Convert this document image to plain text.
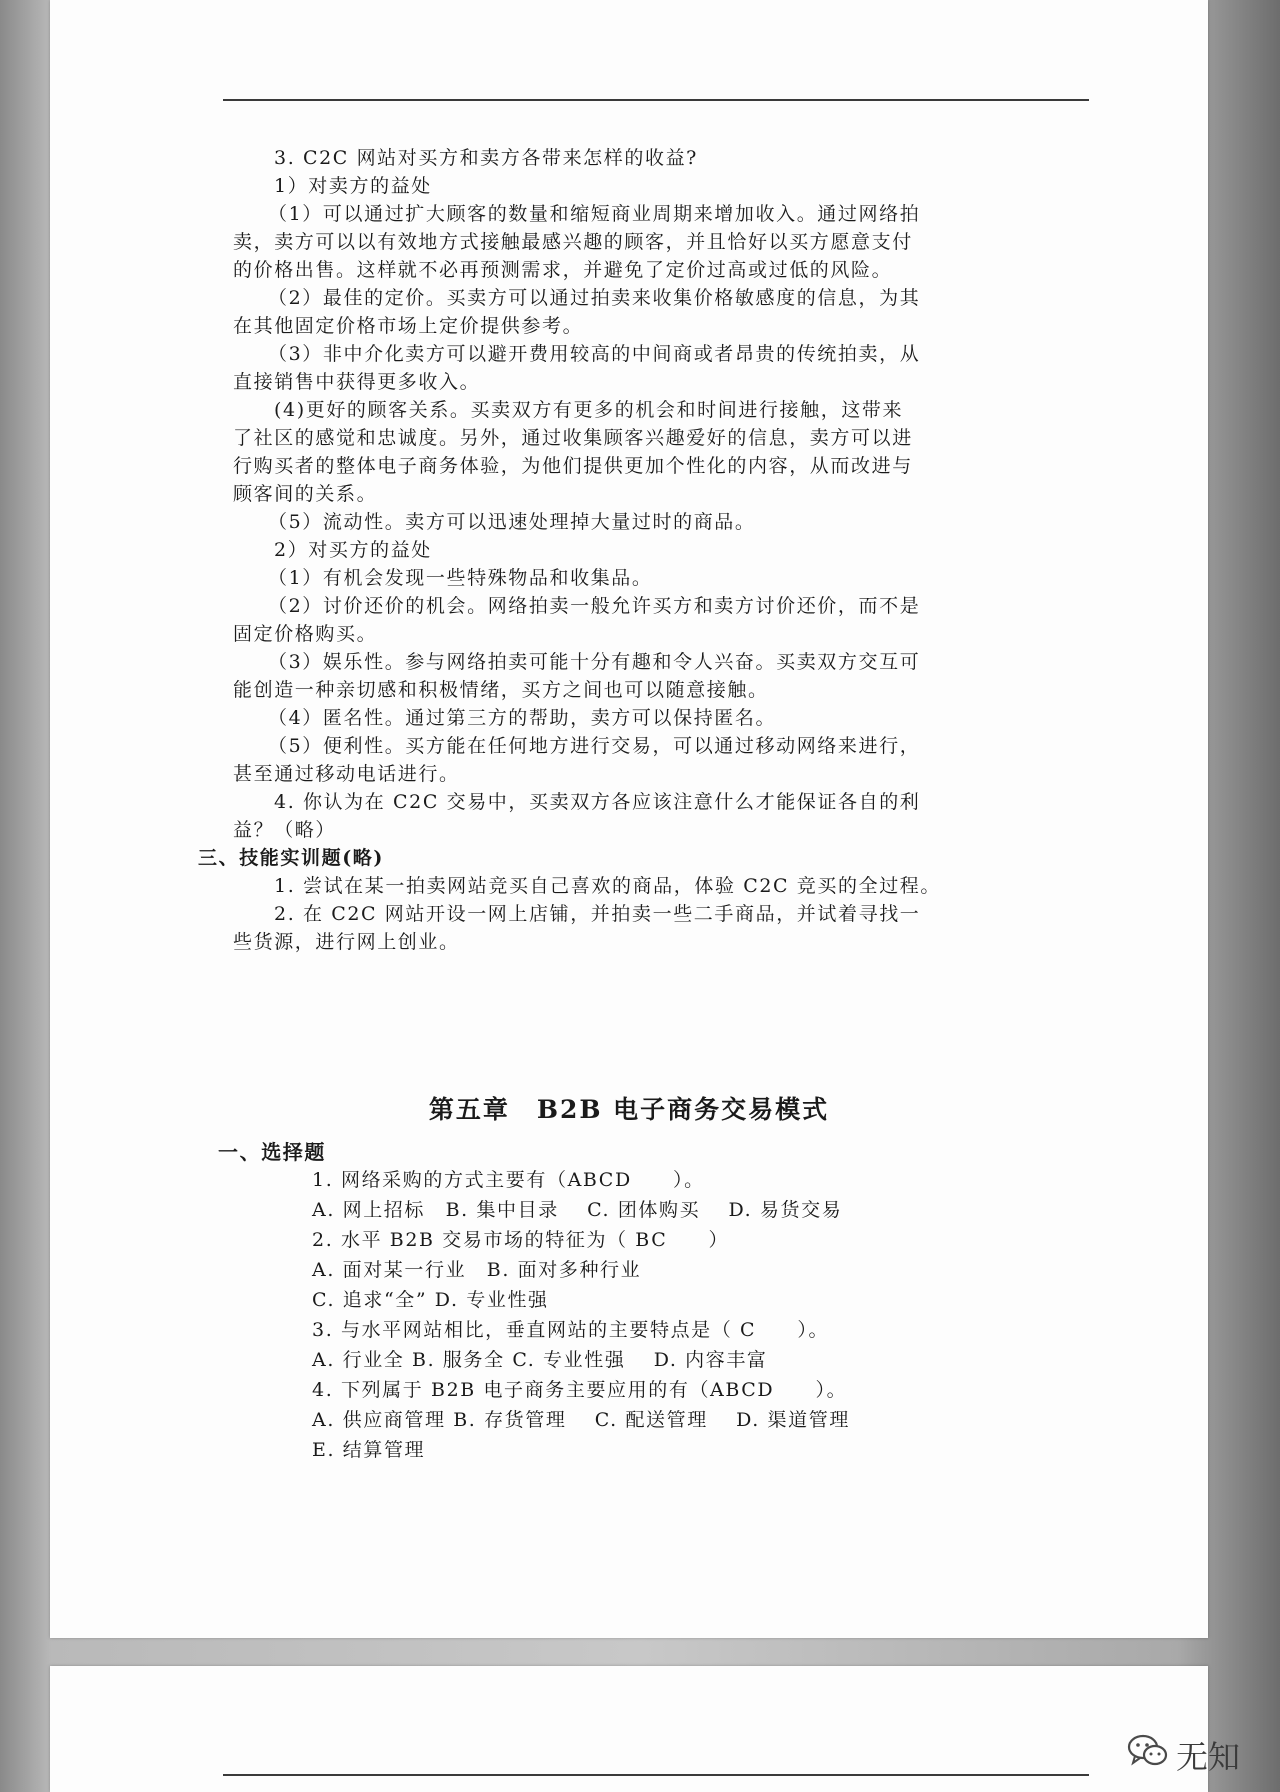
3. C2C 网站对买方和卖方各带来怎样的收益?
1）对卖方的益处
（1）可以通过扩大顾客的数量和缩短商业周期来增加收入。通过网络拍
卖，卖方可以以有效地方式接触最感兴趣的顾客，并且恰好以买方愿意支付
的价格出售。这样就不必再预测需求，并避免了定价过高或过低的风险。
（2）最佳的定价。买卖方可以通过拍卖来收集价格敏感度的信息，为其
在其他固定价格市场上定价提供参考。
（3）非中介化卖方可以避开费用较高的中间商或者昂贵的传统拍卖，从
直接销售中获得更多收入。
(4)更好的顾客关系。买卖双方有更多的机会和时间进行接触，这带来
了社区的感觉和忠诚度。另外，通过收集顾客兴趣爱好的信息，卖方可以进
行购买者的整体电子商务体验，为他们提供更加个性化的内容，从而改进与
顾客间的关系。
（5）流动性。卖方可以迅速处理掉大量过时的商品。
2）对买方的益处
（1）有机会发现一些特殊物品和收集品。
（2）讨价还价的机会。网络拍卖一般允许买方和卖方讨价还价，而不是
固定价格购买。
（3）娱乐性。参与网络拍卖可能十分有趣和令人兴奋。买卖双方交互可
能创造一种亲切感和积极情绪，买方之间也可以随意接触。
（4）匿名性。通过第三方的帮助，卖方可以保持匿名。
（5）便利性。买方能在任何地方进行交易，可以通过移动网络来进行，
甚至通过移动电话进行。
4. 你认为在 C2C 交易中，买卖双方各应该注意什么才能保证各自的利
益？（略）
三、技能实训题(略)
1. 尝试在某一拍卖网站竞买自己喜欢的商品，体验 C2C 竞买的全过程。
2. 在 C2C 网站开设一网上店铺，并拍卖一些二手商品，并试着寻找一
些货源，进行网上创业。
第五章　B2B 电子商务交易模式
一、选择题
1. 网络采购的方式主要有（ABCD　　）。
A. 网上招标　B. 集中目录　 C. 团体购买　 D. 易货交易
2. 水平 B2B 交易市场的特征为（ BC　　）
A. 面对某一行业　B. 面对多种行业
C. 追求“全” D. 专业性强
3. 与水平网站相比，垂直网站的主要特点是（ C　　）。
A. 行业全 B. 服务全 C. 专业性强　 D. 内容丰富
4. 下列属于 B2B 电子商务主要应用的有（ABCD　　）。
A. 供应商管理 B. 存货管理　 C. 配送管理　 D. 渠道管理
E. 结算管理
无知
